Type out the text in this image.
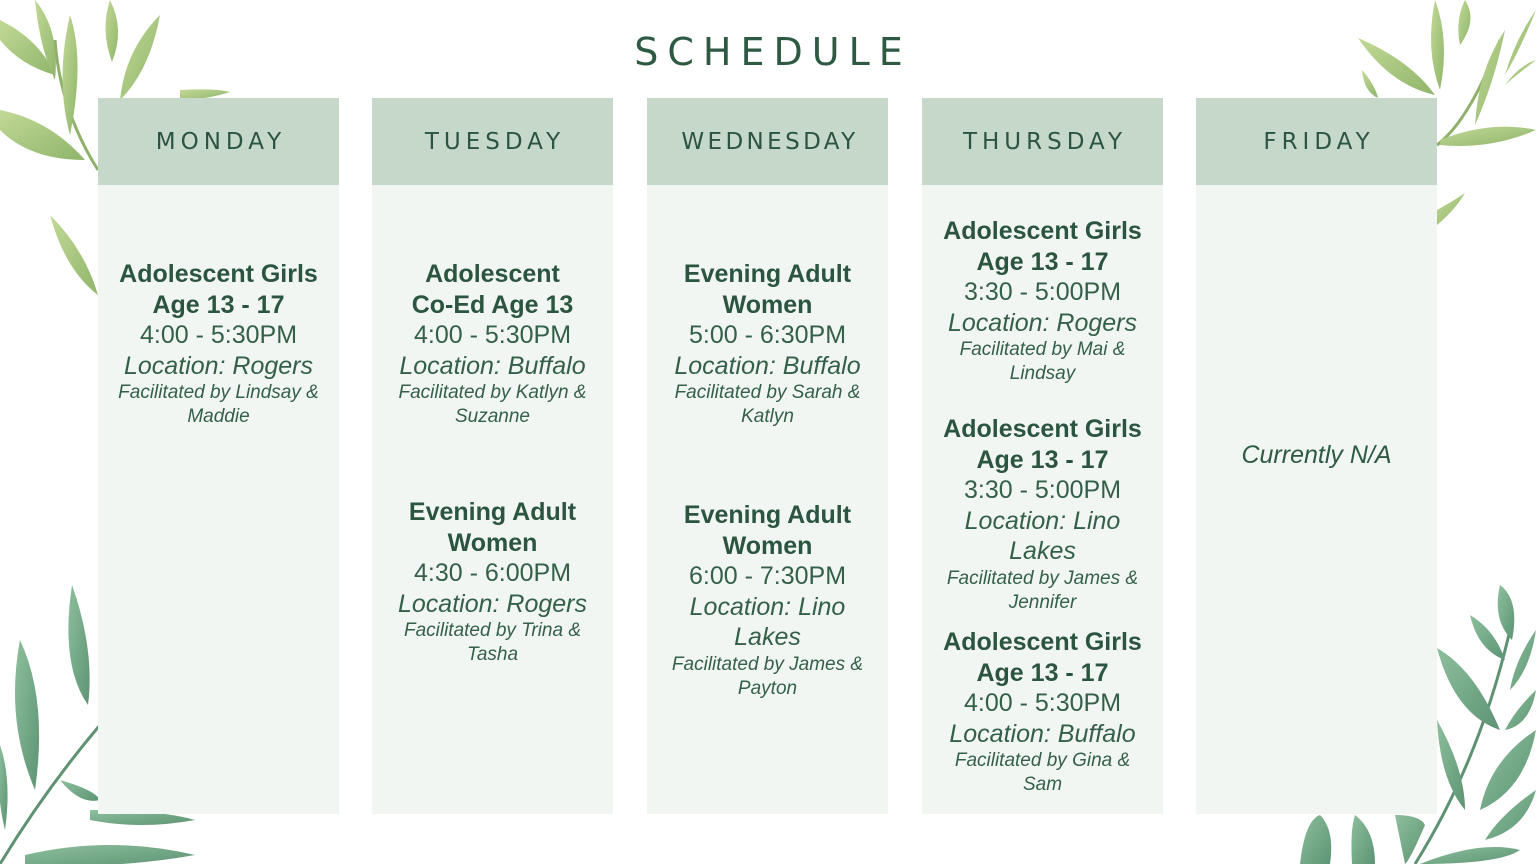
SCHEDULE
MONDAY
Adolescent Girls
Age 13 - 17
4:00 - 5:30PM
Location: Rogers
Facilitated by Lindsay &
Maddie
TUESDAY
Adolescent
Co-Ed Age 13
4:00 - 5:30PM
Location: Buffalo
Facilitated by Katlyn &
Suzanne
Evening Adult
Women
4:30 - 6:00PM
Location: Rogers
Facilitated by Trina &
Tasha
WEDNESDAY
Evening Adult
Women
5:00 - 6:30PM
Location: Buffalo
Facilitated by Sarah &
Katlyn
Evening Adult
Women
6:00 - 7:30PM
Location: Lino
Lakes
Facilitated by James &
Payton
THURSDAY
Adolescent Girls
Age 13 - 17
3:30 - 5:00PM
Location: Rogers
Facilitated by Mai &
Lindsay
Adolescent Girls
Age 13 - 17
3:30 - 5:00PM
Location: Lino
Lakes
Facilitated by James &
Jennifer
Adolescent Girls
Age 13 - 17
4:00 - 5:30PM
Location: Buffalo
Facilitated by Gina &
Sam
FRIDAY
Currently N/A
